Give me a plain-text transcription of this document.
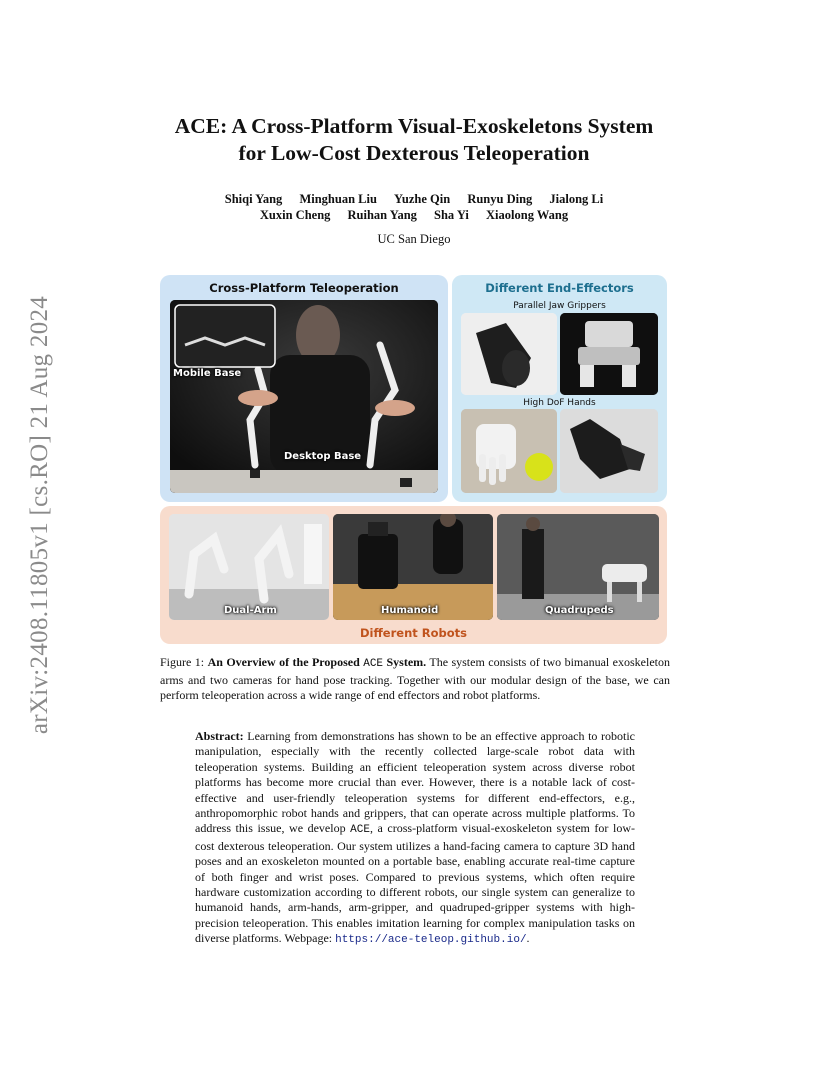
arXiv:2408.11805v1 [cs.RO] 21 Aug 2024
ACE: A Cross-Platform Visual-Exoskeletons System
for Low-Cost Dexterous Teleoperation
Shiqi Yang Minghuan Liu Yuzhe Qin Runyu Ding Jialong Li
Xuxin Cheng Ruihan Yang Sha Yi Xiaolong Wang
UC San Diego
Cross-Platform Teleoperation
Mobile Base
Desktop Base
Different End-Effectors
Parallel Jaw Grippers
High DoF Hands
Dual-Arm	Humanoid	Quadrupeds
Different Robots
Figure 1: An Overview of the Proposed ACE System. The system consists of two bimanual exoskeleton arms and two cameras for hand pose tracking. Together with our modular design of the base, we can perform teleoperation across a wide range of end effectors and robot platforms.
Abstract: Learning from demonstrations has shown to be an effective approach to robotic manipulation, especially with the recently collected large-scale robot data with teleoperation systems. Building an efficient teleoperation system across diverse robot platforms has become more crucial than ever. However, there is a notable lack of cost-effective and user-friendly teleoperation systems for different end-effectors, e.g., anthropomorphic robot hands and grippers, that can operate across multiple platforms. To address this issue, we develop ACE, a cross-platform visual-exoskeleton system for low-cost dexterous teleoperation. Our system utilizes a hand-facing camera to capture 3D hand poses and an exoskeleton mounted on a portable base, enabling accurate real-time capture of both finger and wrist poses. Compared to previous systems, which often require hardware customization according to different robots, our single system can generalize to humanoid hands, arm-hands, arm-gripper, and quadruped-gripper systems with high-precision teleoperation. This enables imitation learning for complex manipulation tasks on diverse platforms. Webpage: https://ace-teleop.github.io/.
